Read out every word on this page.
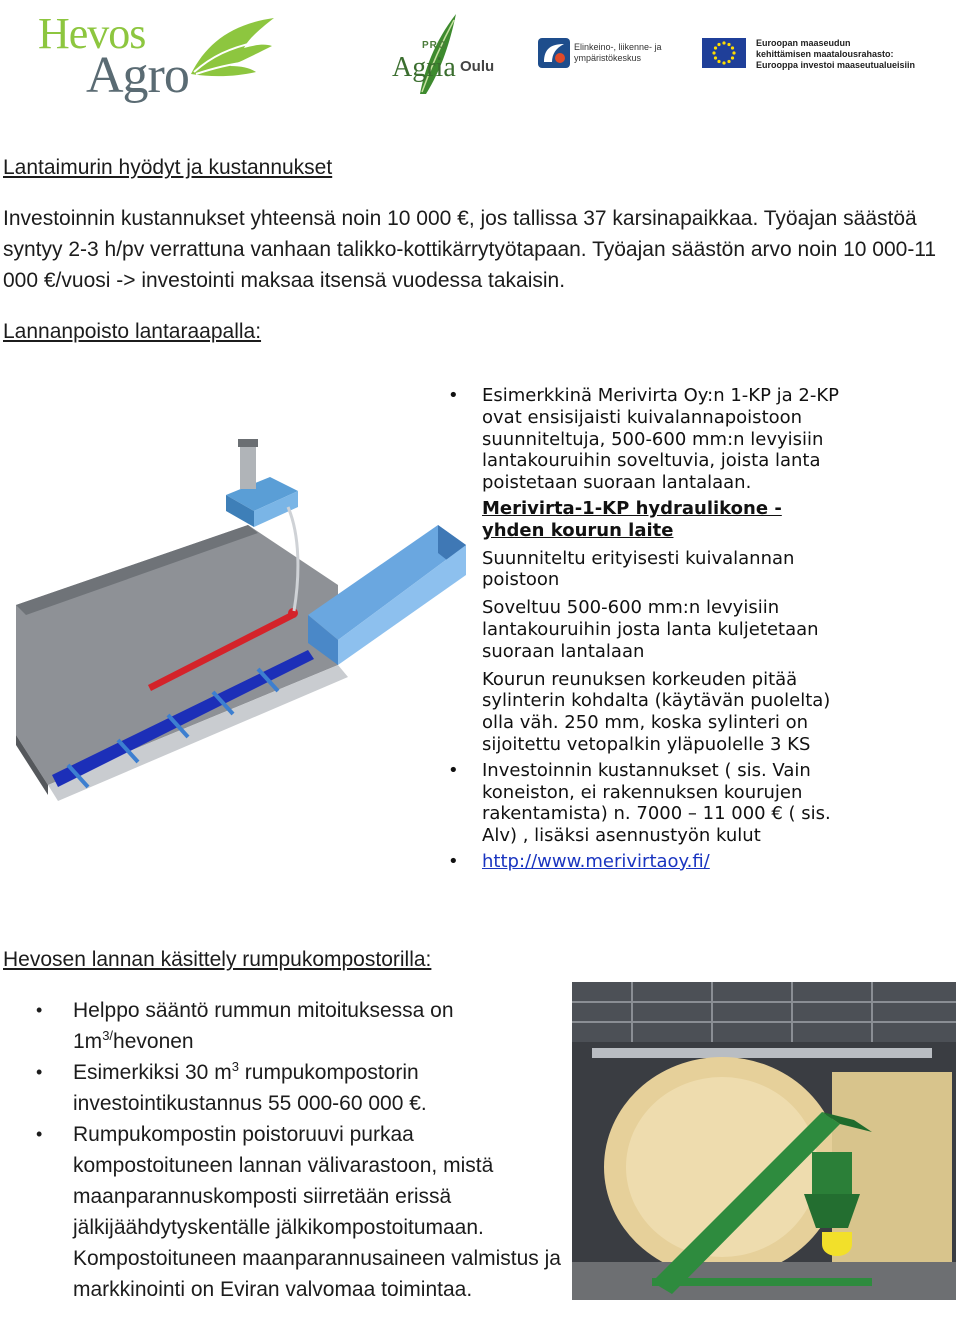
Hevos
Agro
PRO
Agria Oulu
Elinkeino-, liikenne- ja
ympäristökeskus
Euroopan maaseudun
kehittämisen maatalousrahasto:
Eurooppa investoi maaseutualueisiin
Lantaimurin hyödyt ja kustannukset
Investoinnin kustannukset yhteensä noin 10 000 €, jos tallissa 37 karsinapaikkaa. Työajan säästöä syntyy 2-3 h/pv verrattuna vanhaan talikko-kottikärrytyötapaan. Työajan säästön arvo noin 10 000-11 000 €/vuosi -> investointi maksaa itsensä vuodessa takaisin.
Lannanpoisto lantaraapalla:
• Esimerkkinä Merivirta Oy:n 1-KP ja 2-KP ovat ensisijaisti kuivalannapoistoon suunniteltuja, 500-600 mm:n levyisiin lantakouruihin soveltuvia, joista lanta poistetaan suoraan lantalaan.
Merivirta-1-KP hydraulikone - yhden kourun laite
Suunniteltu erityisesti kuivalannan poistoon
Soveltuu 500-600 mm:n levyisiin lantakouruihin josta lanta kuljetetaan suoraan lantalaan
Kourun reunuksen korkeuden pitää sylinterin kohdalta (käytävän puolelta) olla väh. 250 mm, koska sylinteri on sijoitettu vetopalkin yläpuolelle 3 KS
• Investoinnin kustannukset ( sis. Vain koneiston, ei rakennuksen kourujen rakentamista) n. 7000 – 11 000 € ( sis. Alv) , lisäksi asennustyön kulut
• http://www.merivirtaoy.fi/
Hevosen lannan käsittely rumpukompostorilla:
• Helppo sääntö rummun mitoituksessa on $1m^{3/}hevonen$
• Esimerkiksi 30 $m^3$ rumpukompostorin investointikustannus 55 000-60 000 €.
• Rumpukompostin poistoruuvi purkaa kompostoituneen lannan välivarastoon, mistä maanparannuskomposti siirretään erissä jälkijäähdytyskentälle jälkikompostoitumaan. Kompostoituneen maanparannusaineen valmistus ja markkinointi on Eviran valvomaa toimintaa.
